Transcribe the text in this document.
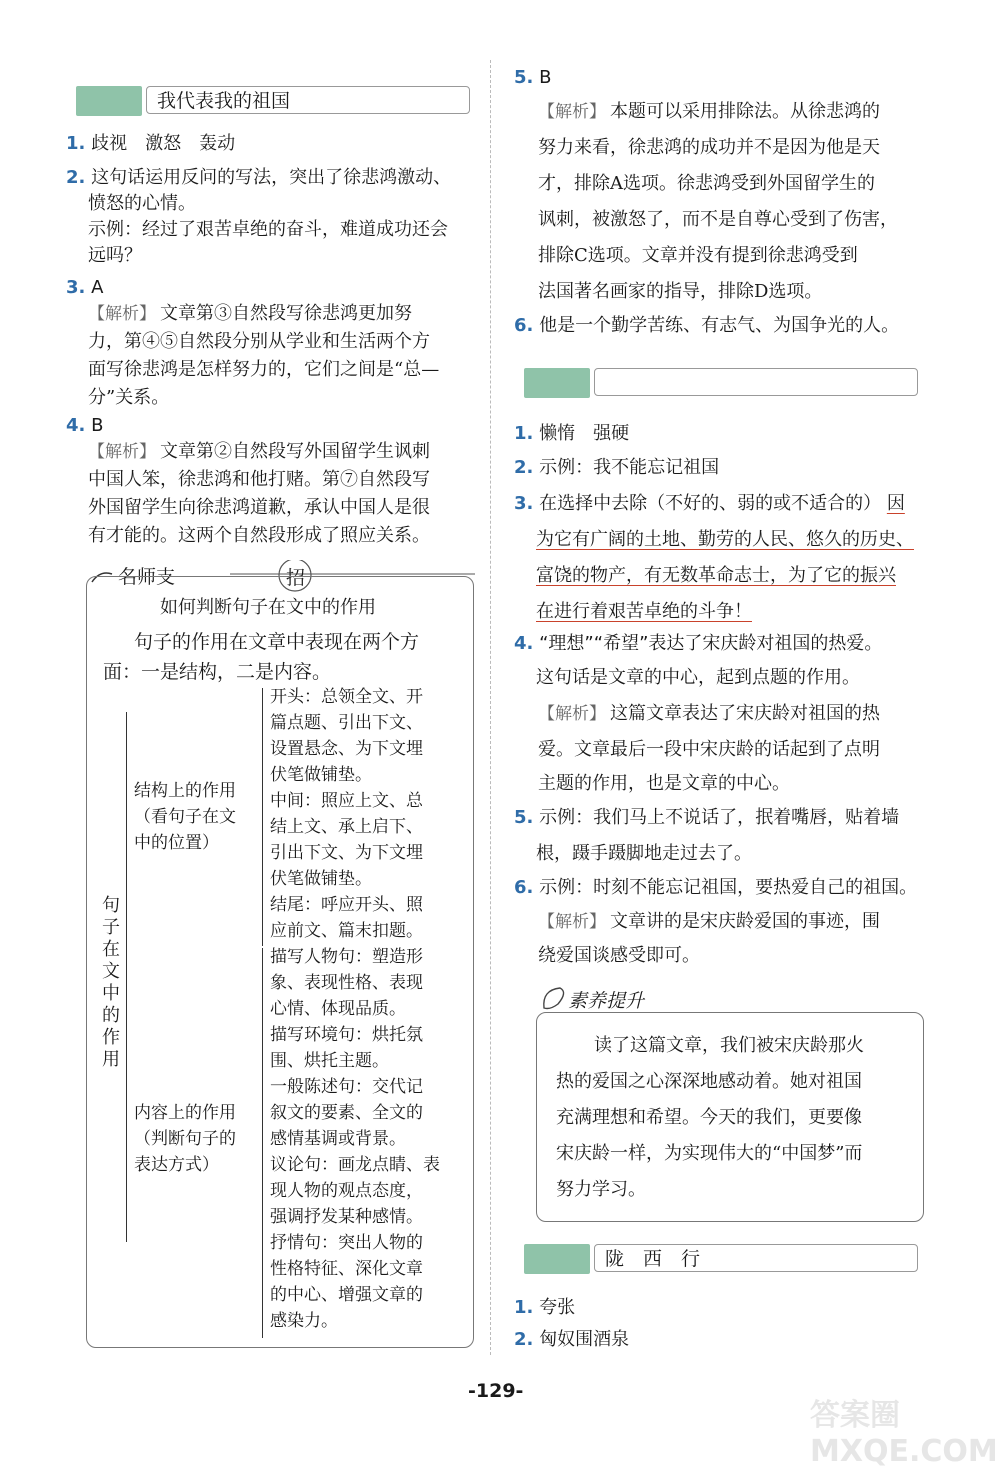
我代表我的祖国
1. 歧视　激怒　轰动
2. 这句话运用反问的写法，突出了徐悲鸿激动、
愤怒的心情。
示例：经过了艰苦卓绝的奋斗，难道成功还会
远吗？
3. A
【解析】 文章第③自然段写徐悲鸿更加努
力，第④⑤自然段分别从学业和生活两个方
面写徐悲鸿是怎样努力的，它们之间是“总—
分”关系。
4. B
【解析】 文章第②自然段写外国留学生讽刺
中国人笨，徐悲鸿和他打赌。第⑦自然段写
外国留学生向徐悲鸿道歉，承认中国人是很
有才能的。这两个自然段形成了照应关系。
名师支	招
如何判断句子在文中的作用
句子的作用在文章中表现在两个方
面：一是结构，二是内容。
句
子
在
文
中
的
作
用
结构上的作用
（看句子在文
中的位置）
开头：总领全文、开
篇点题、引出下文、
设置悬念、为下文埋
伏笔做铺垫。
中间：照应上文、总
结上文、承上启下、
引出下文、为下文埋
伏笔做铺垫。
结尾：呼应开头、照
应前文、篇末扣题。
内容上的作用
（判断句子的
表达方式）
描写人物句：塑造形
象、表现性格、表现
心情、体现品质。
描写环境句：烘托氛
围、烘托主题。
一般陈述句：交代记
叙文的要素、全文的
感情基调或背景。
议论句：画龙点睛、表
现人物的观点态度，
强调抒发某种感情。
抒情句：突出人物的
性格特征、深化文章
的中心、增强文章的
感染力。
5. B
【解析】 本题可以采用排除法。从徐悲鸿的
努力来看，徐悲鸿的成功并不是因为他是天
才，排除A选项。徐悲鸿受到外国留学生的
讽刺，被激怒了，而不是自尊心受到了伤害，
排除C选项。文章并没有提到徐悲鸿受到
法国著名画家的指导，排除D选项。
6. 他是一个勤学苦练、有志气、为国争光的人。
1. 懒惰　强硬
2. 示例：我不能忘记祖国
3. 在选择中去除（不好的、弱的或不适合的） 因
为它有广阔的土地、勤劳的人民、悠久的历史、
富饶的物产，有无数革命志士，为了它的振兴
在进行着艰苦卓绝的斗争！
4. “理想”“希望”表达了宋庆龄对祖国的热爱。
这句话是文章的中心，起到点题的作用。
【解析】 这篇文章表达了宋庆龄对祖国的热
爱。文章最后一段中宋庆龄的话起到了点明
主题的作用，也是文章的中心。
5. 示例：我们马上不说话了，抿着嘴唇，贴着墙
根，蹑手蹑脚地走过去了。
6. 示例：时刻不能忘记祖国，要热爱自己的祖国。
【解析】 文章讲的是宋庆龄爱国的事迹，围
绕爱国谈感受即可。
素养提升
读了这篇文章，我们被宋庆龄那火
热的爱国之心深深地感动着。她对祖国
充满理想和希望。今天的我们，更要像
宋庆龄一样，为实现伟大的“中国梦”而
努力学习。
陇　西　行
1. 夸张
2. 匈奴围酒泉
-129-
答案圈 MXQE.COM
